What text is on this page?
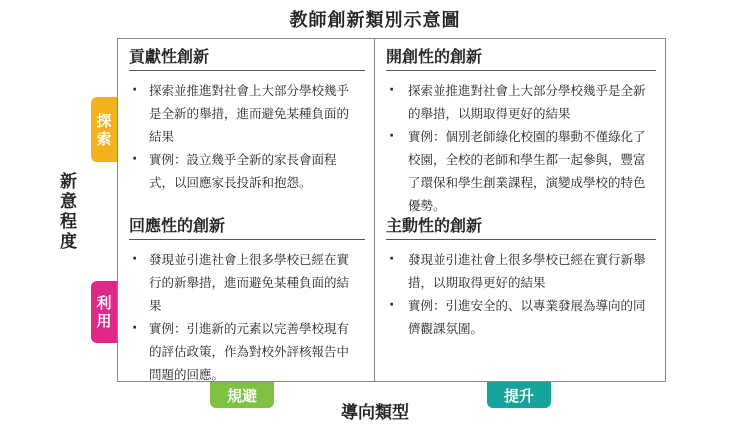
教師創新類別示意圖
新意程度
導向類型
探索
利用
規避	提升
貢獻性創新
· 探索並推進對社會上大部分學校幾乎是全新的舉措，進而避免某種負面的結果
· 實例：設立幾乎全新的家長會面程式，以回應家長投訴和抱怨。
開創性的創新
· 探索並推進對社會上大部分學校幾乎是全新的舉措，以期取得更好的結果
· 實例：個別老師綠化校園的舉動不僅綠化了校園，全校的老師和學生都一起參與，豐富了環保和學生創業課程，演變成學校的特色優勢。
回應性的創新
· 發現並引進社會上很多學校已經在實行的新舉措，進而避免某種負面的結果
· 實例：引進新的元素以完善學校現有的評估政策，作為對校外評核報告中問題的回應。
主動性的創新
· 發現並引進社會上很多學校已經在實行新舉措，以期取得更好的結果
· 實例：引進安全的、以專業發展為導向的同儕觀課氛圍。
